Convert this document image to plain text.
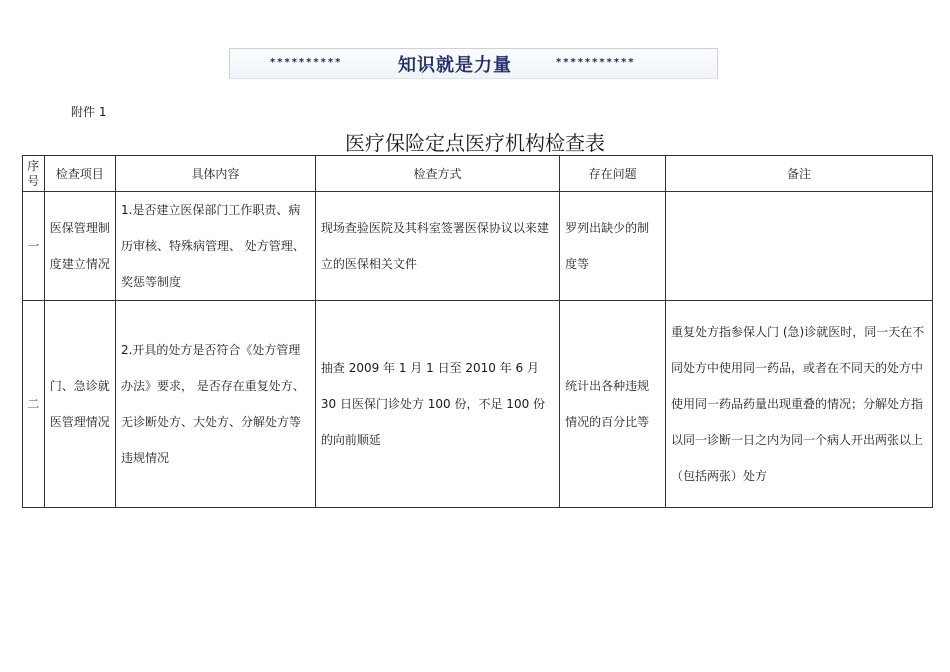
**********	知识就是力量	***********
附件 1
医疗保险定点医疗机构检查表
序号	检查项目	具体内容	检查方式	存在问题	备注
一	医保管理制度建立情况	1.是否建立医保部门工作职责、病历审核、特殊病管理、 处方管理、奖惩等制度	现场查验医院及其科室签署医保协议以来建立的医保相关文件	罗列出缺少的制度等	
二	门、急诊就医管理情况	2.开具的处方是否符合《处方管理办法》要求， 是否存在重复处方、无诊断处方、大处方、分解处方等违规情况	抽查 2009 年 1 月 1 日至 2010 年 6 月 30 日医保门诊处方 100 份，不足 100 份的向前顺延	统计出各种违规情况的百分比等	重复处方指参保人门 (急)诊就医时，同一天在不同处方中使用同一药品，或者在不同天的处方中使用同一药品药量出现重叠的情况；分解处方指以同一诊断一日之内为同一个病人开出两张以上（包括两张）处方
